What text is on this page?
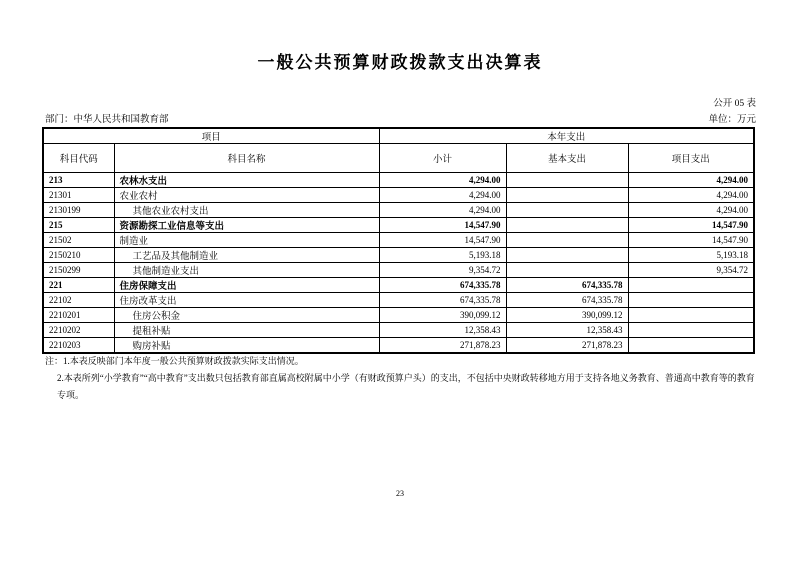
一般公共预算财政拨款支出决算表
公开 05 表
部门：中华人民共和国教育部	单位：万元
项目		本年支出		
科目代码	科目名称	小计	基本支出	项目支出
213	农林水支出	4,294.00		4,294.00
21301	农业农村	4,294.00		4,294.00
2130199	其他农业农村支出	4,294.00		4,294.00
215	资源勘探工业信息等支出	14,547.90		14,547.90
21502	制造业	14,547.90		14,547.90
2150210	工艺品及其他制造业	5,193.18		5,193.18
2150299	其他制造业支出	9,354.72		9,354.72
221	住房保障支出	674,335.78	674,335.78	
22102	住房改革支出	674,335.78	674,335.78	
2210201	住房公积金	390,099.12	390,099.12	
2210202	提租补贴	12,358.43	12,358.43	
2210203	购房补贴	271,878.23	271,878.23	
注：1.本表反映部门本年度一般公共预算财政拨款实际支出情况。
2.本表所列“小学教育”“高中教育”支出数只包括教育部直属高校附属中小学（有财政预算户头）的支出，不包括中央财政转移地方用于支持各地义务教育、普通高中教育等的教育专项。
23
